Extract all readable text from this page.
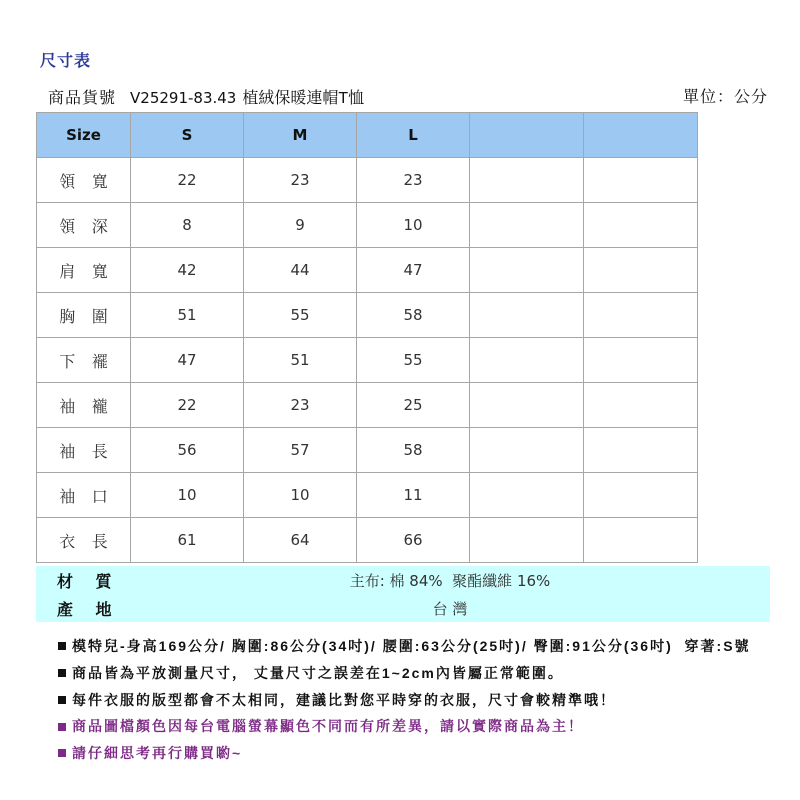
尺寸表
商品貨號 V25291-83.43 植絨保暖連帽T恤	單位：公分
Size	S	M	L		
領 寬	22	23	23		
領 深	8	9	10		
肩 寬	42	44	47		
胸 圍	51	55	58		
下 襬	47	51	55		
袖 襱	22	23	25		
袖 長	56	57	58		
袖 口	10	10	11		
衣 長	61	64	66		
材 質	主布: 棉 84%  聚酯纖維 16%
產 地	台 灣
模特兒-身高169公分/ 胸圍:86公分(34吋)/ 腰圍:63公分(25吋)/ 臀圍:91公分(36吋)  穿著:S號
商品皆為平放測量尺寸， 丈量尺寸之誤差在1~2cm內皆屬正常範圍。
每件衣服的版型都會不太相同，建議比對您平時穿的衣服，尺寸會較精準哦！
商品圖檔顏色因每台電腦螢幕顯色不同而有所差異，請以實際商品為主！
請仔細思考再行購買喲~
